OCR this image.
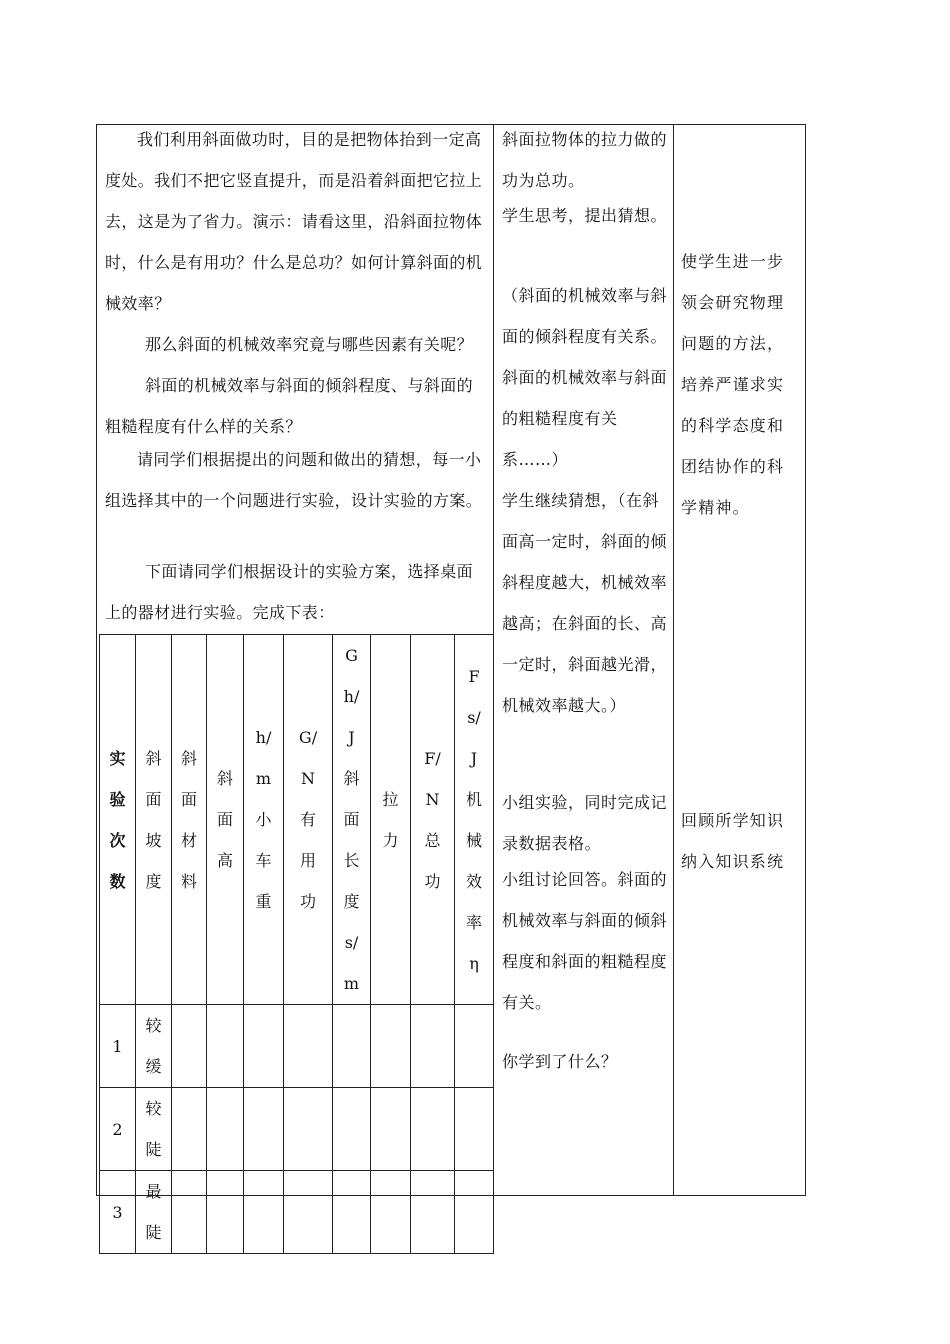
我们利用斜面做功时，目的是把物体抬到一定高度处。我们不把它竖直提升，而是沿着斜面把它拉上去，这是为了省力。演示：请看这里，沿斜面拉物体时，什么是有用功？什么是总功？如何计算斜面的机械效率？

那么斜面的机械效率究竟与哪些因素有关呢？

斜面的机械效率与斜面的倾斜程度、与斜面的粗糙程度有什么样的关系？

请同学们根据提出的问题和做出的猜想，每一小组选择其中的一个问题进行实验，设计实验的方案。

下面请同学们根据设计的实验方案，选择桌面上的器材进行实验。完成下表：

实验次数	斜面坡度	斜面材料	斜面高	h/m小车重	G/N有用功	Gh/J斜面长度s/m	拉力	F/N总功	Fs/J机械效率η
1	较缓								
2	较陡								
3	最陡								

斜面拉物体的拉力做的功为总功。

学生思考，提出猜想。

（斜面的机械效率与斜面的倾斜程度有关系。斜面的机械效率与斜面的粗糙程度有关系……）

学生继续猜想，（在斜面高一定时，斜面的倾斜程度越大，机械效率越高；在斜面的长、高一定时，斜面越光滑，机械效率越大。）

小组实验，同时完成记录数据表格。

小组讨论回答。斜面的机械效率与斜面的倾斜程度和斜面的粗糙程度有关。

你学到了什么？

使学生进一步领会研究物理问题的方法，培养严谨求实的科学态度和团结协作的科学精神。

回顾所学知识纳入知识系统
